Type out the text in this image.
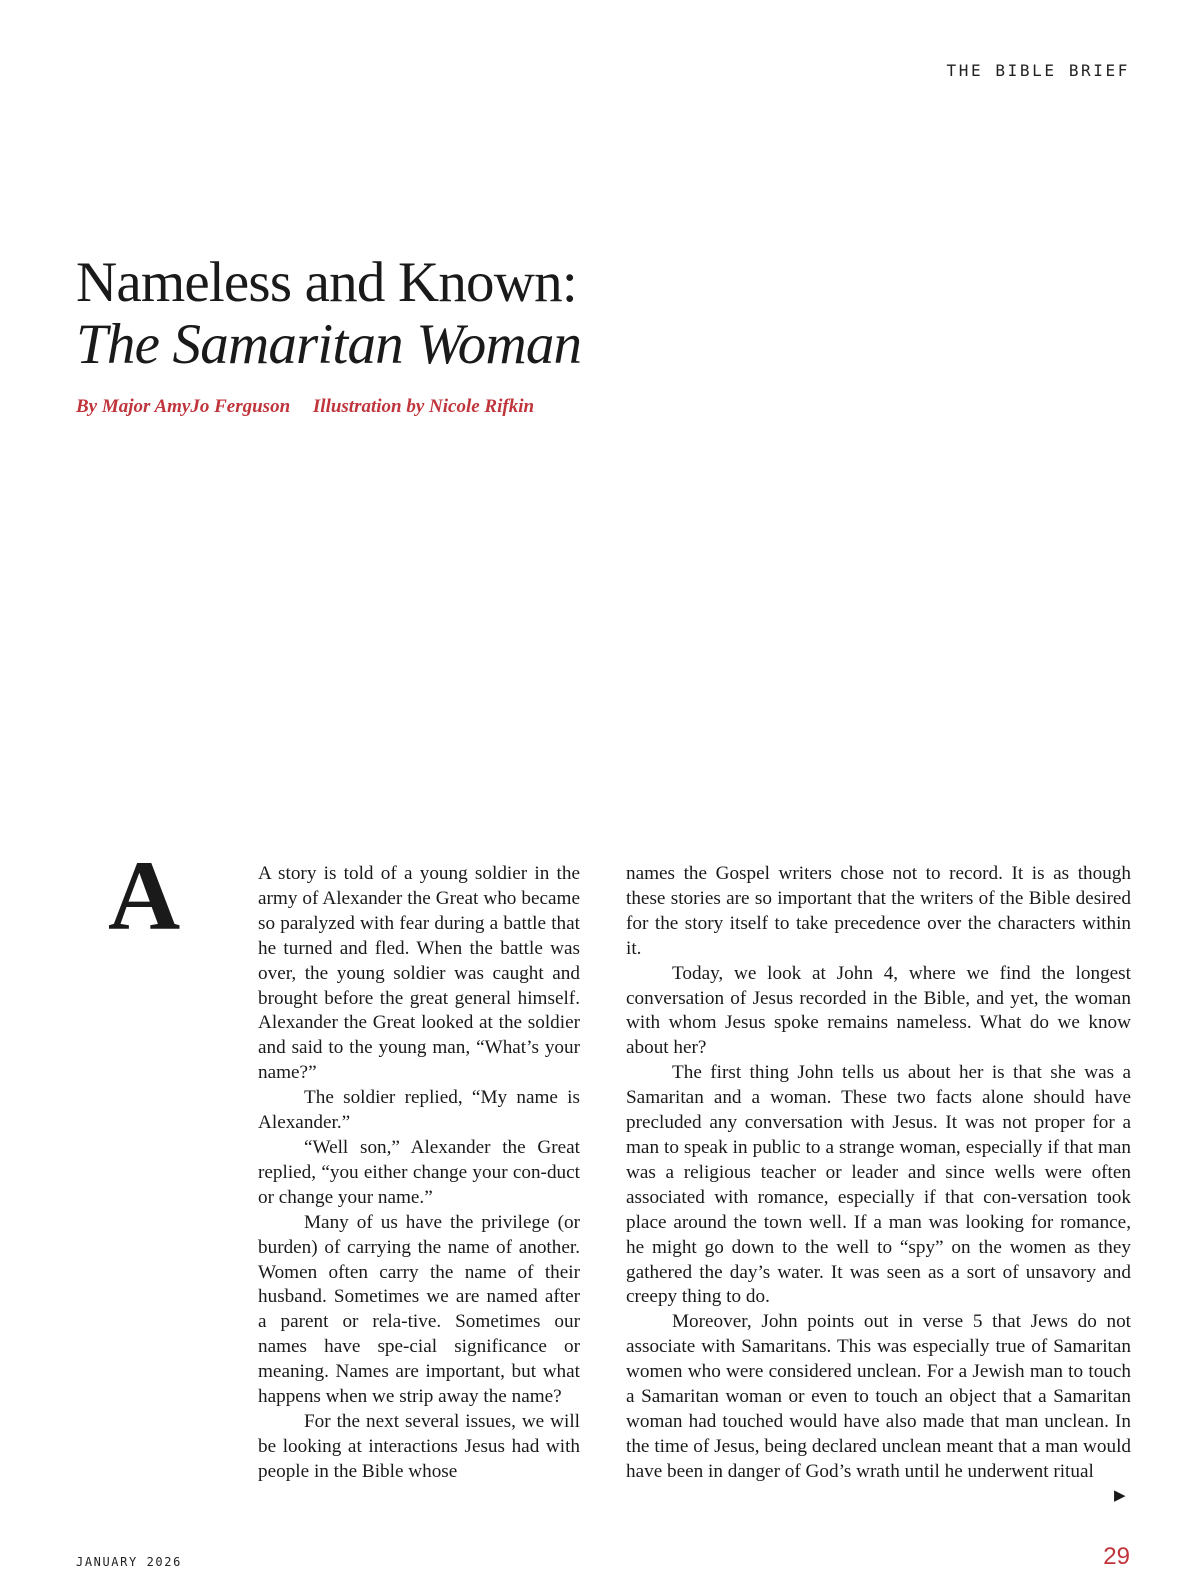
THE BIBLE BRIEF
Nameless and Known:
The Samaritan Woman
By Major AmyJo Ferguson Illustration by Nicole Rifkin
A	A story is told of a young soldier in the army of Alexander the Great who became so paralyzed with fear during a battle that he turned and fled. When the battle was over, the young soldier was caught and brought before the great general himself. Alexander the Great looked at the soldier and said to the young man, “What’s your name?”

The soldier replied, “My name is Alexander.”

“Well son,” Alexander the Great replied, “you either change your con-duct or change your name.”

Many of us have the privilege (or burden) of carrying the name of another. Women often carry the name of their husband. Sometimes we are named after a parent or rela-tive. Sometimes our names have spe-cial significance or meaning. Names are important, but what happens when we strip away the name?

For the next several issues, we will be looking at interactions Jesus had with people in the Bible whose

names the Gospel writers chose not to record. It is as though these stories are so important that the writers of the Bible desired for the story itself to take precedence over the characters within it.

Today, we look at John 4, where we find the longest conversation of Jesus recorded in the Bible, and yet, the woman with whom Jesus spoke remains nameless. What do we know about her?

The first thing John tells us about her is that she was a Samaritan and a woman. These two facts alone should have precluded any conversation with Jesus. It was not proper for a man to speak in public to a strange woman, especially if that man was a religious teacher or leader and since wells were often associated with romance, especially if that con-versation took place around the town well. If a man was looking for romance, he might go down to the well to “spy” on the women as they gathered the day’s water. It was seen as a sort of unsavory and creepy thing to do.

Moreover, John points out in verse 5 that Jews do not associate with Samaritans. This was especially true of Samaritan women who were considered unclean. For a Jewish man to touch a Samaritan woman or even to touch an object that a Samaritan woman had touched would have also made that man unclean. In the time of Jesus, being declared unclean meant that a man would have been in danger of God’s wrath until he underwent ritual

▶
JANUARY 2026	29
